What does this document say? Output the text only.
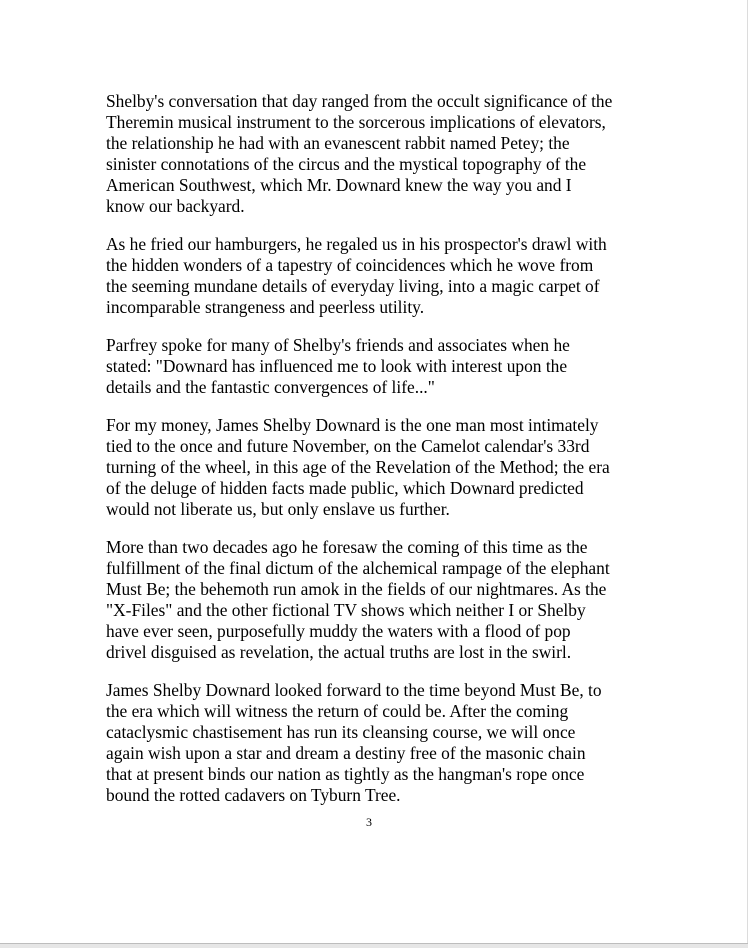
Shelby's conversation that day ranged from the occult significance of the
Theremin musical instrument to the sorcerous implications of elevators,
the relationship he had with an evanescent rabbit named Petey; the
sinister connotations of the circus and the mystical topography of the
American Southwest, which Mr. Downard knew the way you and I
know our backyard.

As he fried our hamburgers, he regaled us in his prospector's drawl with
the hidden wonders of a tapestry of coincidences which he wove from
the seeming mundane details of everyday living, into a magic carpet of
incomparable strangeness and peerless utility.

Parfrey spoke for many of Shelby's friends and associates when he
stated: "Downard has influenced me to look with interest upon the
details and the fantastic convergences of life..."

For my money, James Shelby Downard is the one man most intimately
tied to the once and future November, on the Camelot calendar's 33rd
turning of the wheel, in this age of the Revelation of the Method; the era
of the deluge of hidden facts made public, which Downard predicted
would not liberate us, but only enslave us further.

More than two decades ago he foresaw the coming of this time as the
fulfillment of the final dictum of the alchemical rampage of the elephant
Must Be; the behemoth run amok in the fields of our nightmares. As the
"X-Files" and the other fictional TV shows which neither I or Shelby
have ever seen, purposefully muddy the waters with a flood of pop
drivel disguised as revelation, the actual truths are lost in the swirl.

James Shelby Downard looked forward to the time beyond Must Be, to
the era which will witness the return of could be. After the coming
cataclysmic chastisement has run its cleansing course, we will once
again wish upon a star and dream a destiny free of the masonic chain
that at present binds our nation as tightly as the hangman's rope once
bound the rotted cadavers on Tyburn Tree.

3
